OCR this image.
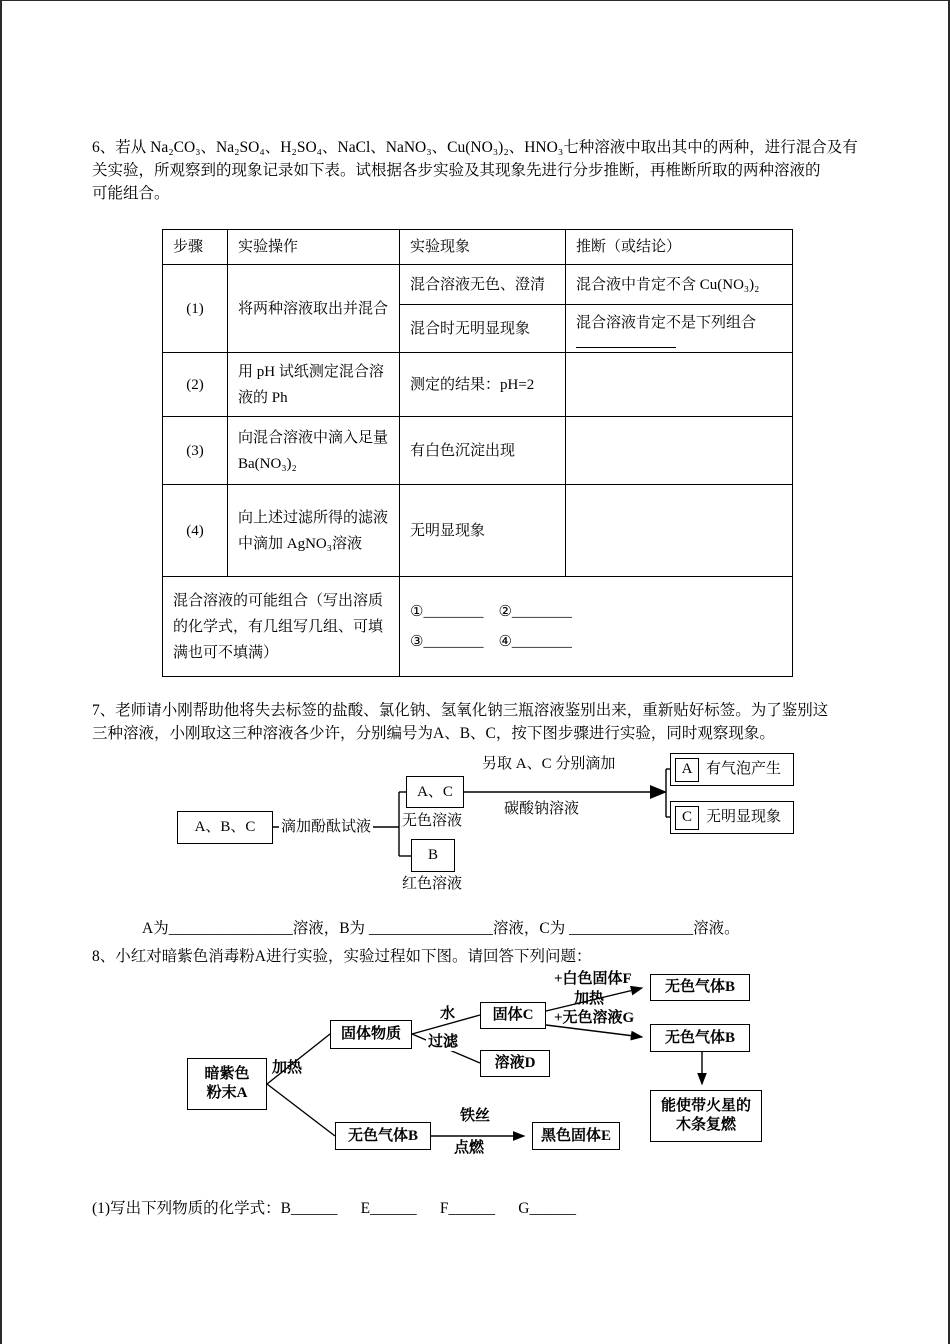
6、若从 Na₂CO₃、Na₂SO₄、H₂SO₄、NaCl、NaNO₃、Cu(NO₃)₂、HNO₃七种溶液中取出其中的两种，进行混合及有
关实验，所观察到的现象记录如下表。试根据各步实验及其现象先进行分步推断，再椎断所取的两种溶液的
可能组合。
步骤	实验操作	实验现象	推断（或结论）
(1)	将两种溶液取出并混合	混合溶液无色、澄清	混合液中肯定不含 Cu(NO₃)₂
		混合时无明显现象	混合溶液肯定不是下列组合

(2)	用 pH 试纸测定混合溶液的 Ph	测定的结果：pH=2	
(3)	向混合溶液中滴入足量 Ba(NO₃)₂	有白色沉淀出现	
(4)	向上述过滤所得的滤液中滴加 AgNO₃溶液	无明显现象	
混合溶液的可能组合（写出溶质的化学式，有几组写几组、可填满也可不填满）		①________　②________
③________　④________	
7、老师请小刚帮助他将失去标签的盐酸、氯化钠、氢氧化钠三瓶溶液鉴别出来，重新贴好标签。为了鉴别这
三种溶液，小刚取这三种溶液各少许，分别编号为A、B、C，按下图步骤进行实验，同时观察现象。
A、B、C	滴加酚酞试液
A、C
无色溶液
B
红色溶液
另取 A、C 分别滴加
碳酸钠溶液
A 有气泡产生
C 无明显现象
A为________________溶液，B为 ________________溶液，C为 ________________溶液。
8、小红对暗紫色消毒粉A进行实验，实验过程如下图。请回答下列问题：
暗紫色
粉末A
加热
固体物质
水
过滤
固体C
溶液D
+白色固体F
加热
无色气体B
+无色溶液G
无色气体B
能使带火星的
木条复燃
无色气体B
铁丝
点燃
黑色固体E
(1)写出下列物质的化学式：B______      E______      F______      G______
